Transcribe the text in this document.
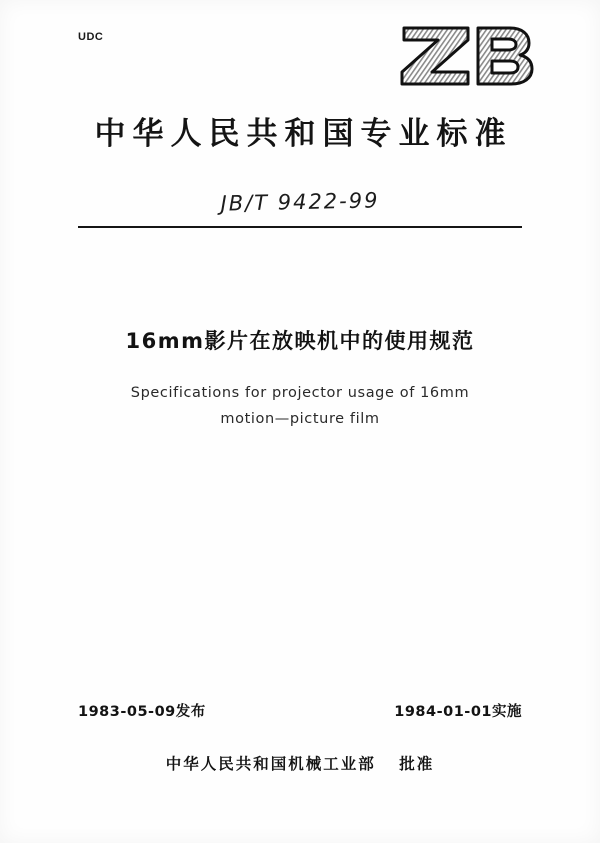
UDC
中华人民共和国专业标准
JB/T 9422-99
16mm影片在放映机中的使用规范
Specifications for projector usage of 16mm
motion—picture film
1983-05-09发布	1984-01-01实施
中华人民共和国机械工业部 批准
